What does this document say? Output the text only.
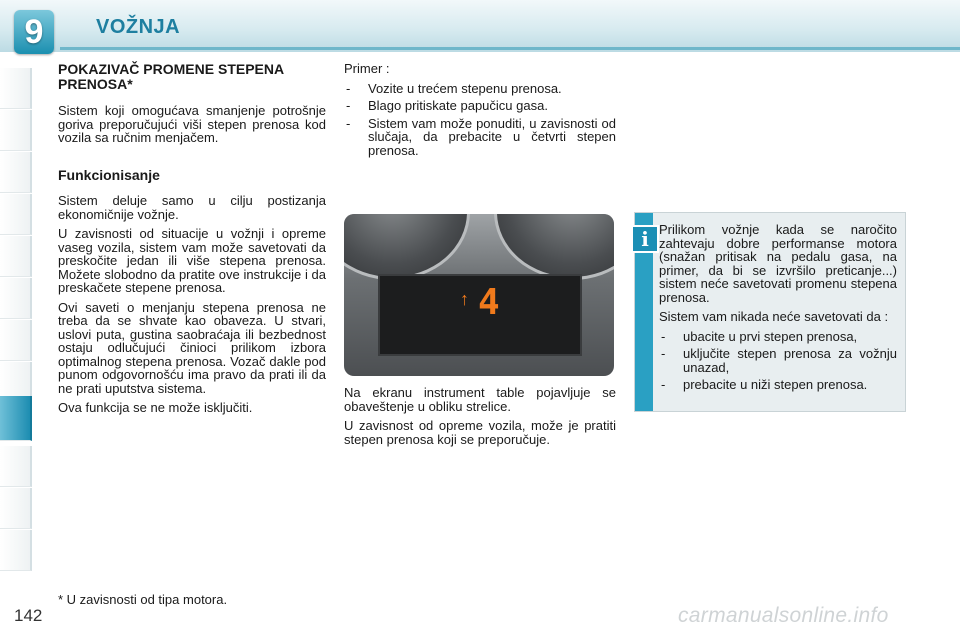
9	VOŽNJA
POKAZIVAČ PROMENE STEPENA PRENOSA*

Sistem koji omogućava smanjenje potrošnje goriva preporučujući viši stepen prenosa kod vozila sa ručnim menjačem.

Funkcionisanje

Sistem deluje samo u cilju postizanja ekonomičnije vožnje.

U zavisnosti od situacije u vožnji i opreme vaseg vozila, sistem vam može savetovati da preskočite jedan ili više stepena prenosa. Možete slobodno da pratite ove instrukcije i da preskačete stepene prenosa.

Ovi saveti o menjanju stepena prenosa ne treba da se shvate kao obaveza. U stvari, uslovi puta, gustina saobraćaja ili bezbednost ostaju odlučujući činioci prilikom izbora optimalnog stepena prenosa. Vozač dakle pod punom odgovornošću ima pravo da prati ili da ne prati uputstva sistema.

Ova funkcija se ne može isključiti.

Primer :

- Vozite u trećem stepenu prenosa.
- Blago pritiskate papučicu gasa.
- Sistem vam može ponuditi, u zavisnosti od slučaja, da prebacite u četvrti stepen prenosa.
↑ 4

Na ekranu instrument table pojavljuje se obaveštenje u obliku strelice.

U zavisnost od opreme vozila, može je pratiti stepen prenosa koji se preporučuje.

i Prilikom vožnje kada se naročito zahtevaju dobre performanse motora (snažan pritisak na pedalu gasa, na primer, da bi se izvršilo preticanje...) sistem neće savetovati promenu stepena prenosa.

Sistem vam nikada neće savetovati da :

- ubacite u prvi stepen prenosa,
- uključite stepen prenosa za vožnju unazad,
- prebacite u niži stepen prenosa.
* U zavisnosti od tipa motora.
142	carmanualsonline.info
